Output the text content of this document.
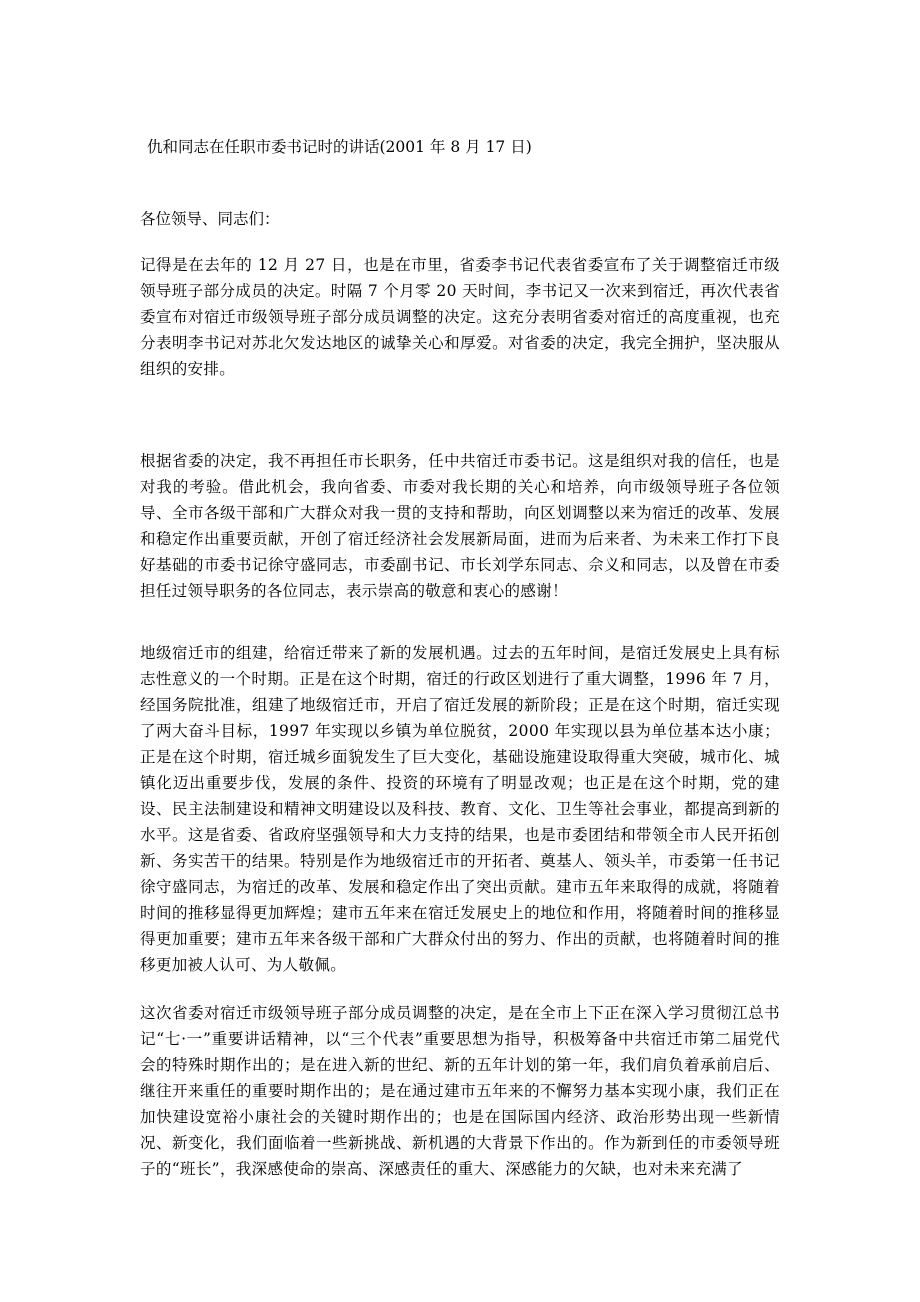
仇和同志在任职市委书记时的讲话(2001 年 8 月 17 日)
各位领导、同志们：

记得是在去年的 12 月 27 日，也是在市里，省委李书记代表省委宣布了关于调整宿迁市级领导班子部分成员的决定。时隔 7 个月零 20 天时间，李书记又一次来到宿迁，再次代表省委宣布对宿迁市级领导班子部分成员调整的决定。这充分表明省委对宿迁的高度重视，也充分表明李书记对苏北欠发达地区的诚挚关心和厚爱。对省委的决定，我完全拥护，坚决服从组织的安排。

根据省委的决定，我不再担任市长职务，任中共宿迁市委书记。这是组织对我的信任，也是对我的考验。借此机会，我向省委、市委对我长期的关心和培养，向市级领导班子各位领导、全市各级干部和广大群众对我一贯的支持和帮助，向区划调整以来为宿迁的改革、发展和稳定作出重要贡献，开创了宿迁经济社会发展新局面，进而为后来者、为未来工作打下良好基础的市委书记徐守盛同志，市委副书记、市长刘学东同志、佘义和同志，以及曾在市委担任过领导职务的各位同志，表示崇高的敬意和衷心的感谢！

地级宿迁市的组建，给宿迁带来了新的发展机遇。过去的五年时间，是宿迁发展史上具有标志性意义的一个时期。正是在这个时期，宿迁的行政区划进行了重大调整，1996 年 7 月，经国务院批准，组建了地级宿迁市，开启了宿迁发展的新阶段；正是在这个时期，宿迁实现了两大奋斗目标，1997 年实现以乡镇为单位脱贫，2000 年实现以县为单位基本达小康；正是在这个时期，宿迁城乡面貌发生了巨大变化，基础设施建设取得重大突破，城市化、城镇化迈出重要步伐，发展的条件、投资的环境有了明显改观；也正是在这个时期，党的建设、民主法制建设和精神文明建设以及科技、教育、文化、卫生等社会事业，都提高到新的水平。这是省委、省政府坚强领导和大力支持的结果，也是市委团结和带领全市人民开拓创新、务实苦干的结果。特别是作为地级宿迁市的开拓者、奠基人、领头羊，市委第一任书记徐守盛同志，为宿迁的改革、发展和稳定作出了突出贡献。建市五年来取得的成就，将随着时间的推移显得更加辉煌；建市五年来在宿迁发展史上的地位和作用，将随着时间的推移显得更加重要；建市五年来各级干部和广大群众付出的努力、作出的贡献，也将随着时间的推移更加被人认可、为人敬佩。

这次省委对宿迁市级领导班子部分成员调整的决定，是在全市上下正在深入学习贯彻江总书记“七·一”重要讲话精神，以“三个代表”重要思想为指导，积极筹备中共宿迁市第二届党代会的特殊时期作出的；是在进入新的世纪、新的五年计划的第一年，我们肩负着承前启后、继往开来重任的重要时期作出的；是在通过建市五年来的不懈努力基本实现小康，我们正在加快建设宽裕小康社会的关键时期作出的；也是在国际国内经济、政治形势出现一些新情况、新变化，我们面临着一些新挑战、新机遇的大背景下作出的。作为新到任的市委领导班子的“班长”，我深感使命的崇高、深感责任的重大、深感能力的欠缺，也对未来充满了
